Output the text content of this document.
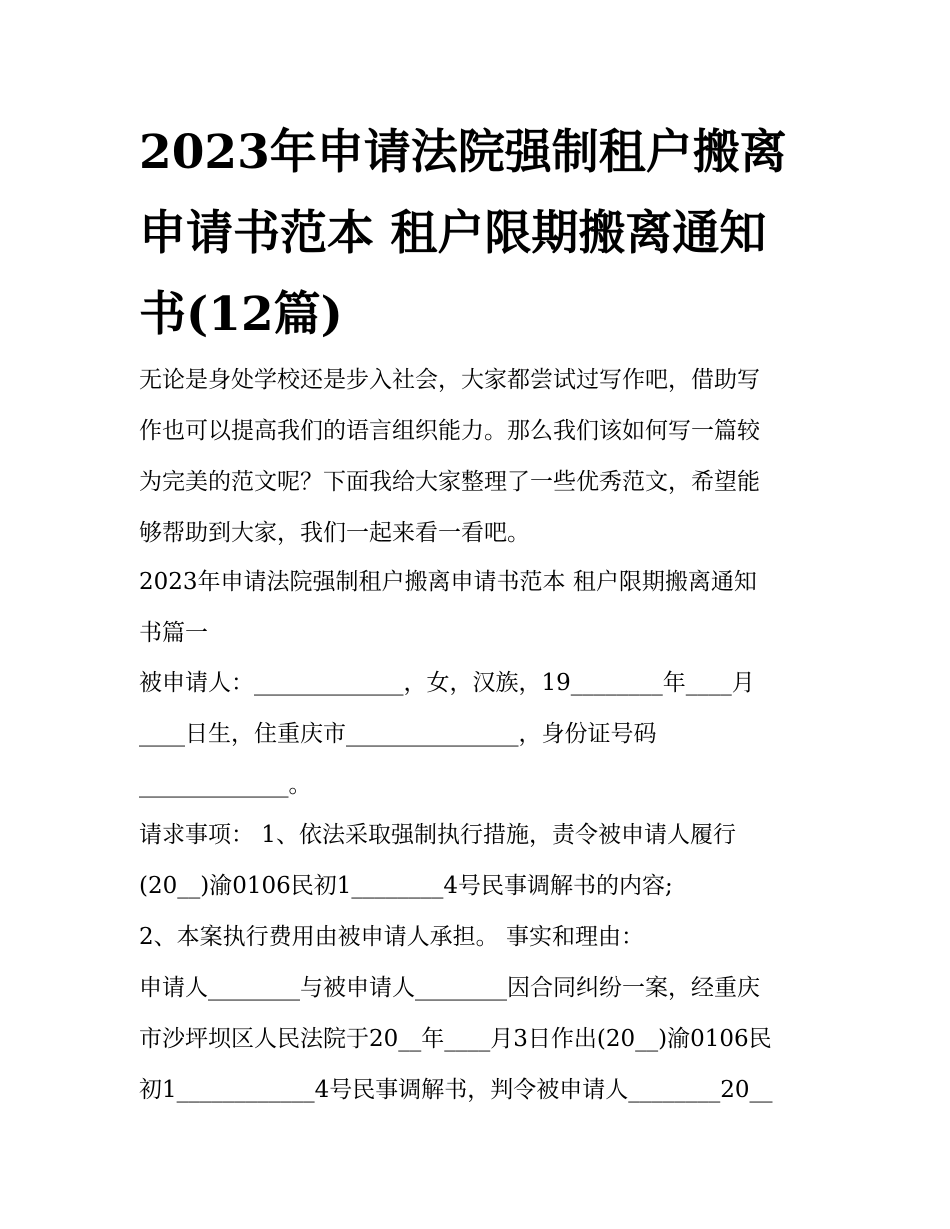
2023年申请法院强制租户搬离
申请书范本 租户限期搬离通知
书(12篇)

无论是身处学校还是步入社会，大家都尝试过写作吧，借助写
作也可以提高我们的语言组织能力。那么我们该如何写一篇较
为完美的范文呢？下面我给大家整理了一些优秀范文，希望能
够帮助到大家，我们一起来看一看吧。

2023年申请法院强制租户搬离申请书范本 租户限期搬离通知
书篇一

被申请人：_____________，女，汉族，19________年____月
____日生，住重庆市_______________，身份证号码
_____________。

请求事项： 1、依法采取强制执行措施，责令被申请人履行
(20__)渝0106民初1________4号民事调解书的内容;

2、本案执行费用由被申请人承担。 事实和理由：

申请人________与被申请人________因合同纠纷一案，经重庆
市沙坪坝区人民法院于20__年____月3日作出(20__)渝0106民
初1____________4号民事调解书，判令被申请人________20__
